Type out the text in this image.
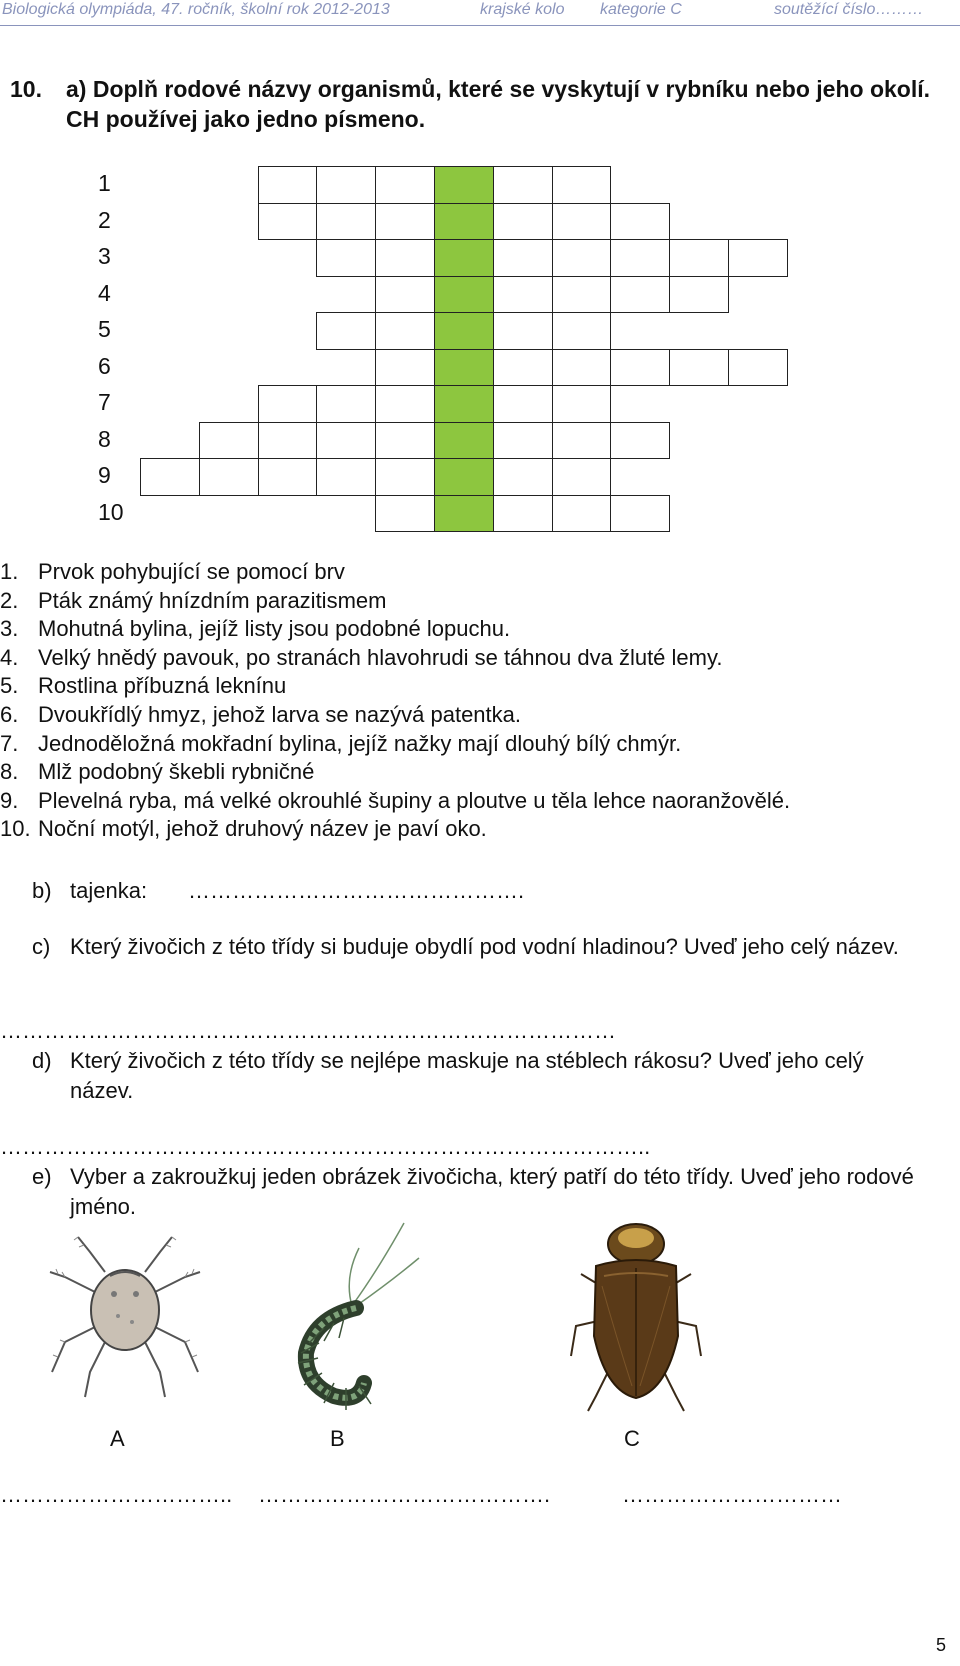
Biologická olympiáda, 47. ročník, školní rok 2012-2013	krajské kolo kategorie C	soutěžící číslo………
10. a) Doplň rodové názvy organismů, které se vyskytují v rybníku nebo jeho okolí. CH používej jako jedno písmeno.
1
2
3
4
5
6
7
8
9
10
1. Prvok pohybující se pomocí brv
2. Pták známý hnízdním parazitismem
3. Mohutná bylina, jejíž listy jsou podobné lopuchu.
4. Velký hnědý pavouk, po stranách hlavohrudi se táhnou dva žluté lemy.
5. Rostlina příbuzná leknínu
6. Dvoukřídlý hmyz, jehož larva se nazývá patentka.
7. Jednoděložná mokřadní bylina, jejíž nažky mají dlouhý bílý chmýr.
8. Mlž podobný škebli rybničné
9. Plevelná ryba, má velké okrouhlé šupiny a ploutve u těla lehce naoranžovělé.
10. Noční motýl, jehož druhový název je paví oko.
b) tajenka: ……………………………………….
c) Který živočich z této třídy si buduje obydlí pod vodní hladinou? Uveď jeho celý název.
…………………………………………………………………………
d) Který živočich z této třídy se nejlépe maskuje na stéblech rákosu? Uveď jeho celý název.
……………………………………………………………………………..
e) Vyber a zakroužkuj jeden obrázek živočicha, který patří do této třídy. Uveď jeho rodové jméno.
A	B	C
………………………….. ………………………………….	…………………………
5
